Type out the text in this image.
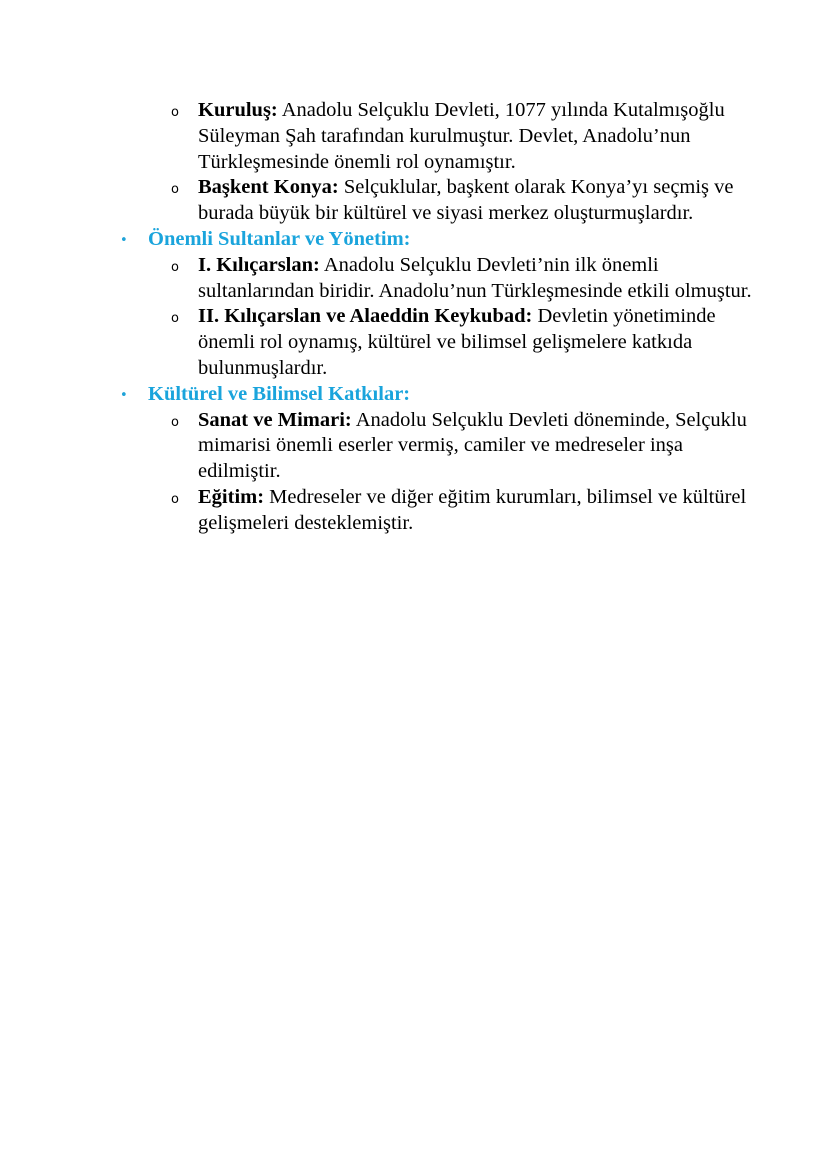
o Kuruluş: Anadolu Selçuklu Devleti, 1077 yılında Kutalmışoğlu Süleyman Şah tarafından kurulmuştur. Devlet, Anadolu’nun Türkleşmesinde önemli rol oynamıştır.
o Başkent Konya: Selçuklular, başkent olarak Konya’yı seçmiş ve burada büyük bir kültürel ve siyasi merkez oluşturmuşlardır.
• Önemli Sultanlar ve Yönetim:
o I. Kılıçarslan: Anadolu Selçuklu Devleti’nin ilk önemli sultanlarından biridir. Anadolu’nun Türkleşmesinde etkili olmuştur.
o II. Kılıçarslan ve Alaeddin Keykubad: Devletin yönetiminde önemli rol oynamış, kültürel ve bilimsel gelişmelere katkıda bulunmuşlardır.
• Kültürel ve Bilimsel Katkılar:
o Sanat ve Mimari: Anadolu Selçuklu Devleti döneminde, Selçuklu mimarisi önemli eserler vermiş, camiler ve medreseler inşa edilmiştir.
o Eğitim: Medreseler ve diğer eğitim kurumları, bilimsel ve kültürel gelişmeleri desteklemiştir.
